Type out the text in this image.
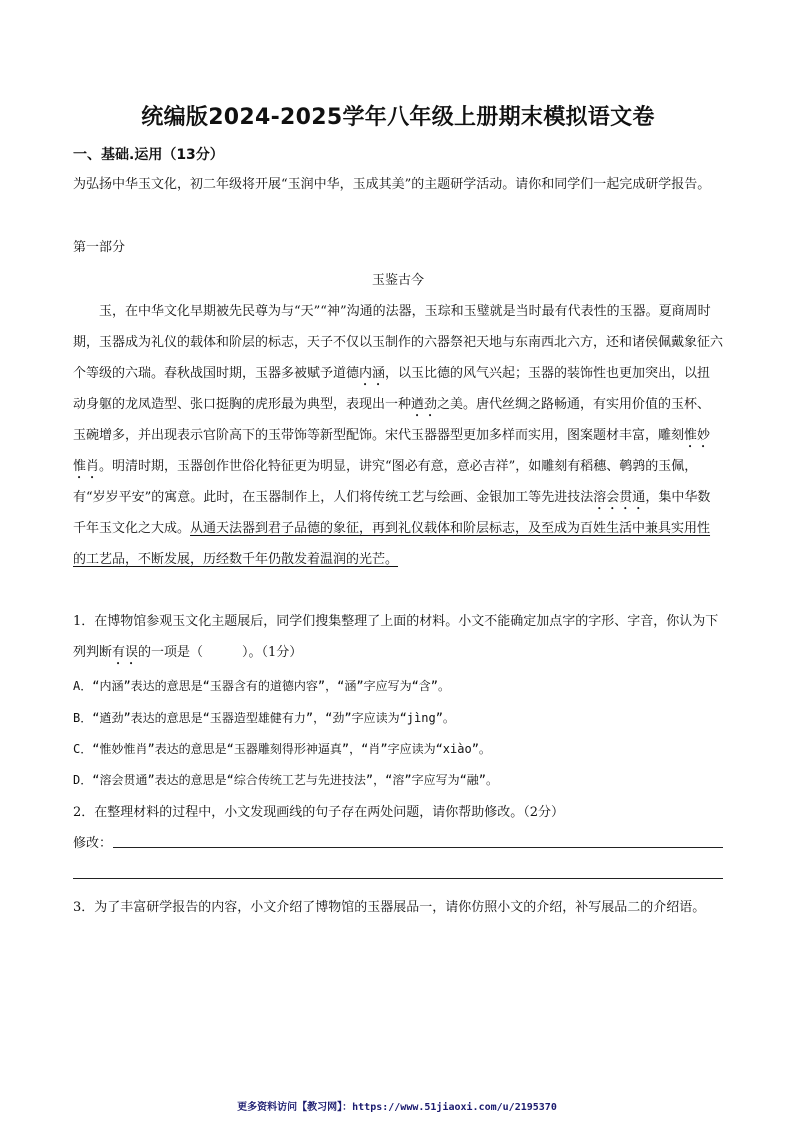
统编版2024-2025学年八年级上册期末模拟语文卷
一、基础.运用（13分）

为弘扬中华玉文化，初二年级将开展“玉润中华，玉成其美”的主题研学活动。请你和同学们一起完成研学报告。

第一部分

玉鉴古今

玉，在中华文化早期被先民尊为与“天”“神”沟通的法器，玉琮和玉璧就是当时最有代表性的玉器。夏商周时期，玉器成为礼仪的载体和阶层的标志，天子不仅以玉制作的六器祭祀天地与东南西北六方，还和诸侯佩戴象征六个等级的六瑞。春秋战国时期，玉器多被赋予道德内涵，以玉比德的风气兴起；玉器的装饰性也更加突出，以扭动身躯的龙凤造型、张口挺胸的虎形最为典型，表现出一种遒劲之美。唐代丝绸之路畅通，有实用价值的玉杯、玉碗增多，并出现表示官阶高下的玉带饰等新型配饰。宋代玉器器型更加多样而实用，图案题材丰富，雕刻惟妙惟肖。明清时期，玉器创作世俗化特征更为明显，讲究“图必有意，意必吉祥”，如雕刻有稻穗、鹌鹑的玉佩，有“岁岁平安”的寓意。此时，在玉器制作上，人们将传统工艺与绘画、金银加工等先进技法溶会贯通，集中华数千年玉文化之大成。从通天法器到君子品德的象征，再到礼仪载体和阶层标志，及至成为百姓生活中兼具实用性的工艺品，不断发展，历经数千年仍散发着温润的光芒。

1．在博物馆参观玉文化主题展后，同学们搜集整理了上面的材料。小文不能确定加点字的字形、字音，你认为下列判断有误的一项是（　　　）。（1分）

A．“内涵”表达的意思是“玉器含有的道德内容”，“涵”字应写为“含”。

B．“遒劲”表达的意思是“玉器造型雄健有力”，“劲”字应读为“jìng”。

C．“惟妙惟肖”表达的意思是“玉器雕刻得形神逼真”，“肖”字应读为“xiào”。

D．“溶会贯通”表达的意思是“综合传统工艺与先进技法”，“溶”字应写为“融”。

2．在整理材料的过程中，小文发现画线的句子存在两处问题，请你帮助修改。（2分）

修改：

3．为了丰富研学报告的内容，小文介绍了博物馆的玉器展品一，请你仿照小文的介绍，补写展品二的介绍语。

更多资料访问【教习网】：https://www.51jiaoxi.com/u/2195370
